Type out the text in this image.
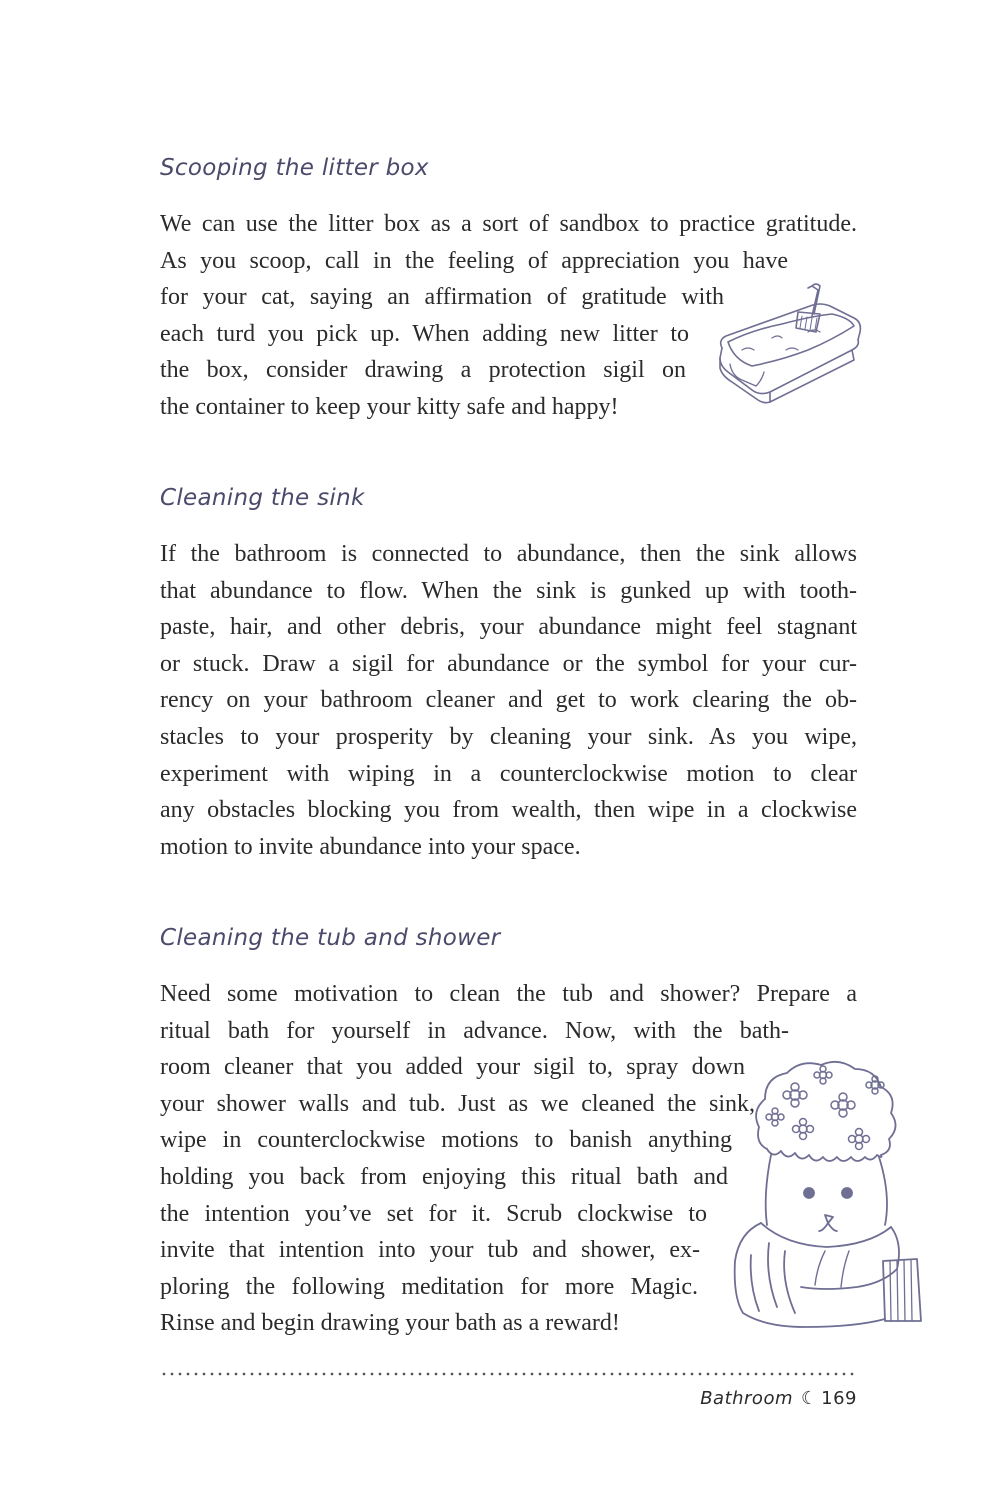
Scooping the litter box
We can use the litter box as a sort of sandbox to practice gratitude.
As you scoop, call in the feeling of appreciation you have
for your cat, saying an affirmation of gratitude with
each turd you pick up. When adding new litter to
the box, consider drawing a protection sigil on
the container to keep your kitty safe and happy!
Cleaning the sink
If the bathroom is connected to abundance, then the sink allows
that abundance to flow. When the sink is gunked up with tooth-
paste, hair, and other debris, your abundance might feel stagnant
or stuck. Draw a sigil for abundance or the symbol for your cur-
rency on your bathroom cleaner and get to work clearing the ob-
stacles to your prosperity by cleaning your sink. As you wipe,
experiment with wiping in a counterclockwise motion to clear
any obstacles blocking you from wealth, then wipe in a clockwise
motion to invite abundance into your space.
Cleaning the tub and shower
Need some motivation to clean the tub and shower? Prepare a
ritual bath for yourself in advance. Now, with the bath-
room cleaner that you added your sigil to, spray down
your shower walls and tub. Just as we cleaned the sink,
wipe in counterclockwise motions to banish anything
holding you back from enjoying this ritual bath and
the intention you’ve set for it. Scrub clockwise to
invite that intention into your tub and shower, ex-
ploring the following meditation for more Magic.
Rinse and begin drawing your bath as a reward!
Bathroom ☾ 169
